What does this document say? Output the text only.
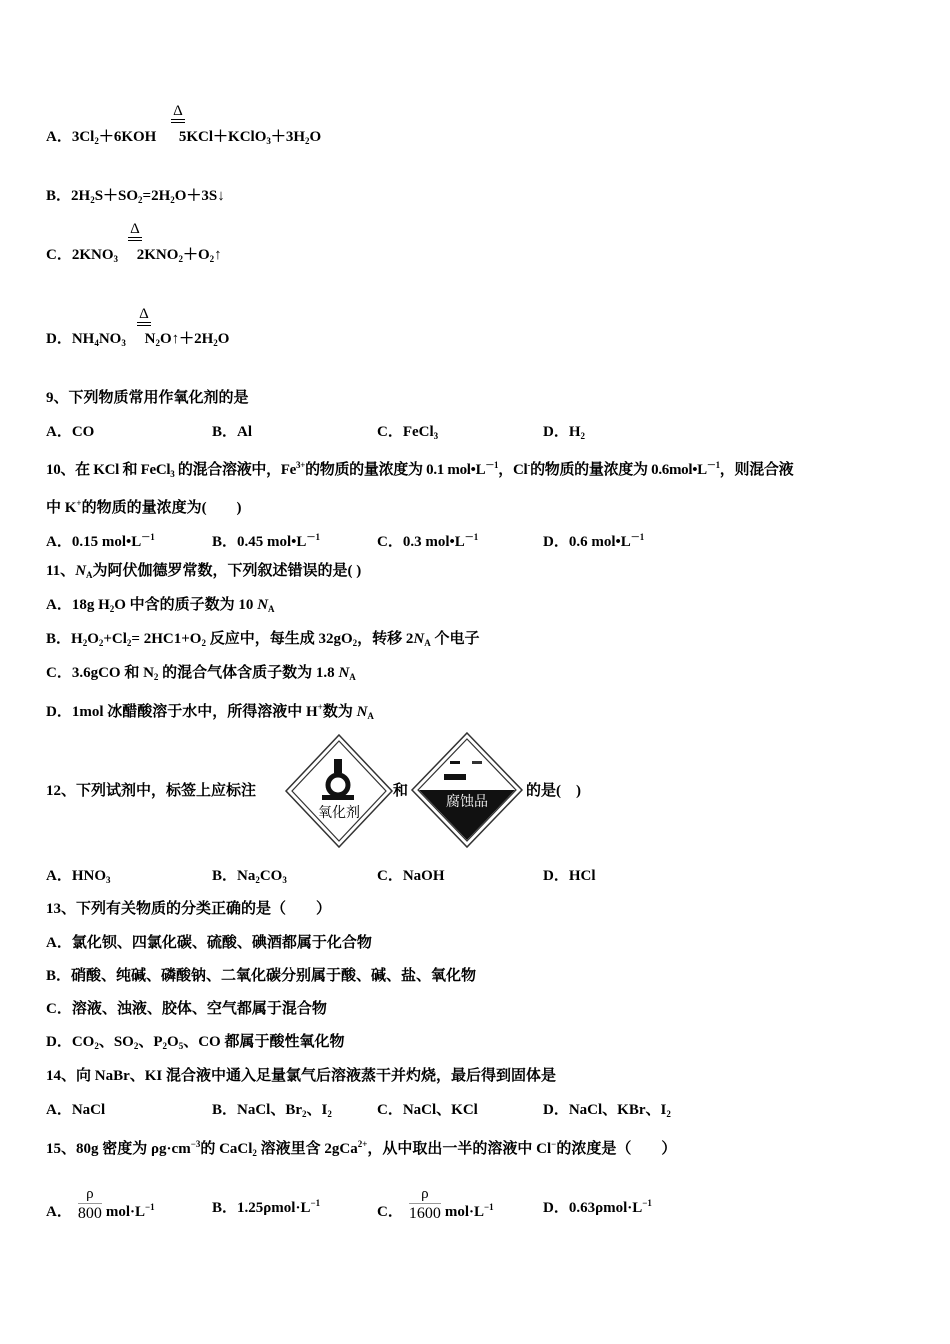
Δ
A．$3Cl_2+6KOH$ $5KCl+KClO_3+3H_2O$
B．$2H_2S+SO_2=2H_2O+3S↓$
Δ
C．$2KNO_3$ $2KNO_2+O_2↑$
Δ
D．$NH_4NO_3$ $N_2O↑+2H_2O$
9、下列物质常用作氧化剂的是
A．CO	B．Al	C．FeCl$_3$	D．$H_2$
10、在 KCl 和 FeCl$_3$ 的混合溶液中，$Fe^{3+}$的物质的量浓度为 0.1 $mol•L^{-1}$，Cl-的物质的量浓度为 $0.6mol•L^{-1}$，则混合液
中 K+的物质的量浓度为(　　)
A．0.15 $mol•L^{-1}$	B．0.45 $mol•L^{-1}$	C．0.3 $mol•L^{-1}$	D．0.6 $mol•L^{-1}$
11、$N_A$为阿伏伽德罗常数，下列叙述错误的是( )
A．18g $H_2O$ 中含的质子数为 10 $N_A$
B．$H_2O_2+Cl_2= 2HC1+O_2$ 反应中，每生成 $32gO_2$，转移 $2N_A$ 个电子
C．3.6gCO 和 $N_2$ 的混合气体含质子数为 1.8 $N_A$
D．1mol 冰醋酸溶于水中，所得溶液中 H+数为 $N_A$
12、下列试剂中，标签上应标注
氧化剂
和
腐蚀品
的是(　)
A．$HNO_3$	B．$Na_2CO_3$	C．NaOH	D．HCl
13、下列有关物质的分类正确的是（　　）
A．氯化钡、四氯化碳、硫酸、碘酒都属于化合物
B．硝酸、纯碱、磷酸钠、二氧化碳分别属于酸、碱、盐、氧化物
C．溶液、浊液、胶体、空气都属于混合物
D．$CO_2$、$SO_2$、$P_2O_5$、CO 都属于酸性氧化物
14、向 NaBr、KI 混合液中通入足量氯气后溶液蒸干并灼烧，最后得到固体是
A．NaCl	B．NaCl、$Br_2$、$I_2$	C．NaCl、KCl	D．NaCl、KBr、$I_2$
15、80g 密度为 $\rho g\cdot cm^{-3}$的 CaCl$_2$ 溶液里含 2gCa$^{2+}$，从中取出一半的溶液中 Cl−的浓度是（　　）
A． $\frac{\rho}{800} mol\cdot L^{-1}$	B．$1.25\rho mol\cdot L^{-1}$
C． $\frac{\rho}{1600} mol\cdot L^{-1}$	D．$0.63\rho mol\cdot L^{-1}$
